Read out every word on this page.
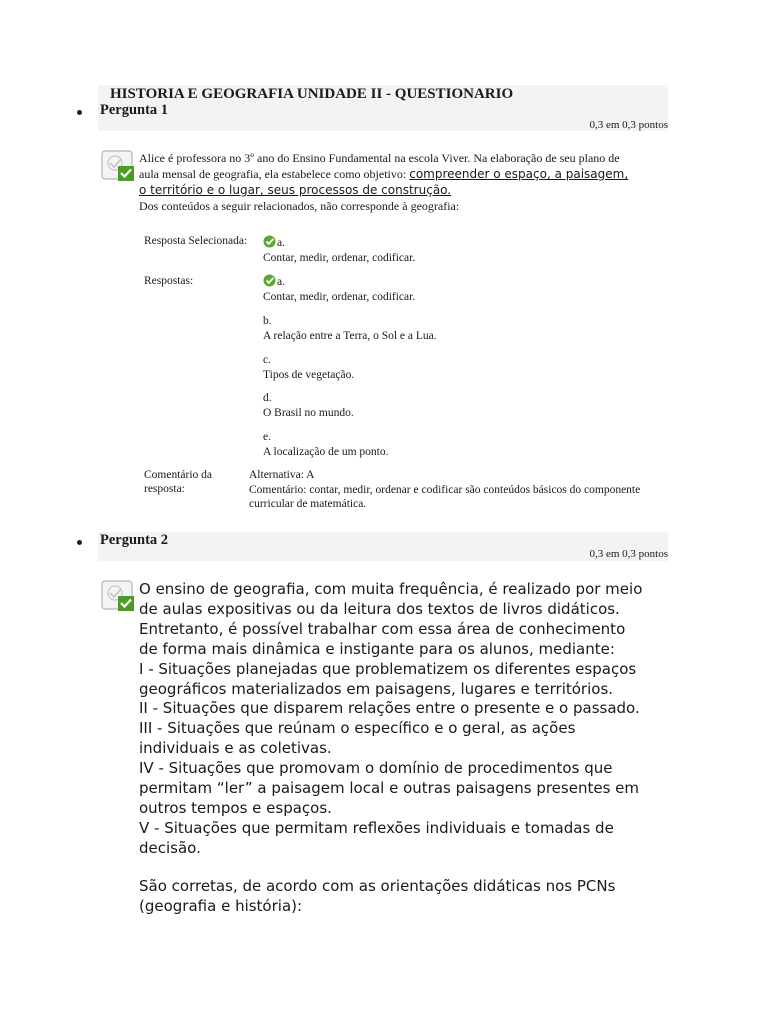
HISTORIA E GEOGRAFIA UNIDADE II - QUESTIONARIO
Pergunta 1
0,3 em 0,3 pontos
Alice é professora no 3º ano do Ensino Fundamental na escola Viver. Na elaboração de seu plano de aula mensal de geografia, ela estabelece como objetivo: compreender o espaço, a paisagem, o território e o lugar, seus processos de construção.
Dos conteúdos a seguir relacionados, não corresponde à geografia:
Resposta Selecionada:	a.
Contar, medir, ordenar, codificar.
Respostas:	a.
Contar, medir, ordenar, codificar.
b.
A relação entre a Terra, o Sol e a Lua.
c.
Tipos de vegetação.
d.
O Brasil no mundo.
e.
A localização de um ponto.
Comentário da
resposta:
Alternativa: A
Comentário: contar, medir, ordenar e codificar são conteúdos básicos do componente curricular de matemática.
Pergunta 2
0,3 em 0,3 pontos

O ensino de geografia, com muita frequência, é realizado por meio de aulas expositivas ou da leitura dos textos de livros didáticos. Entretanto, é possível trabalhar com essa área de conhecimento de forma mais dinâmica e instigante para os alunos, mediante:

I - Situações planejadas que problematizem os diferentes espaços geográficos materializados em paisagens, lugares e territórios.

II - Situações que disparem relações entre o presente e o passado.

III - Situações que reúnam o específico e o geral, as ações individuais e as coletivas.

IV - Situações que promovam o domínio de procedimentos que permitam “ler” a paisagem local e outras paisagens presentes em outros tempos e espaços.

V - Situações que permitam reflexões individuais e tomadas de decisão.

São corretas, de acordo com as orientações didáticas nos PCNs (geografia e história):
